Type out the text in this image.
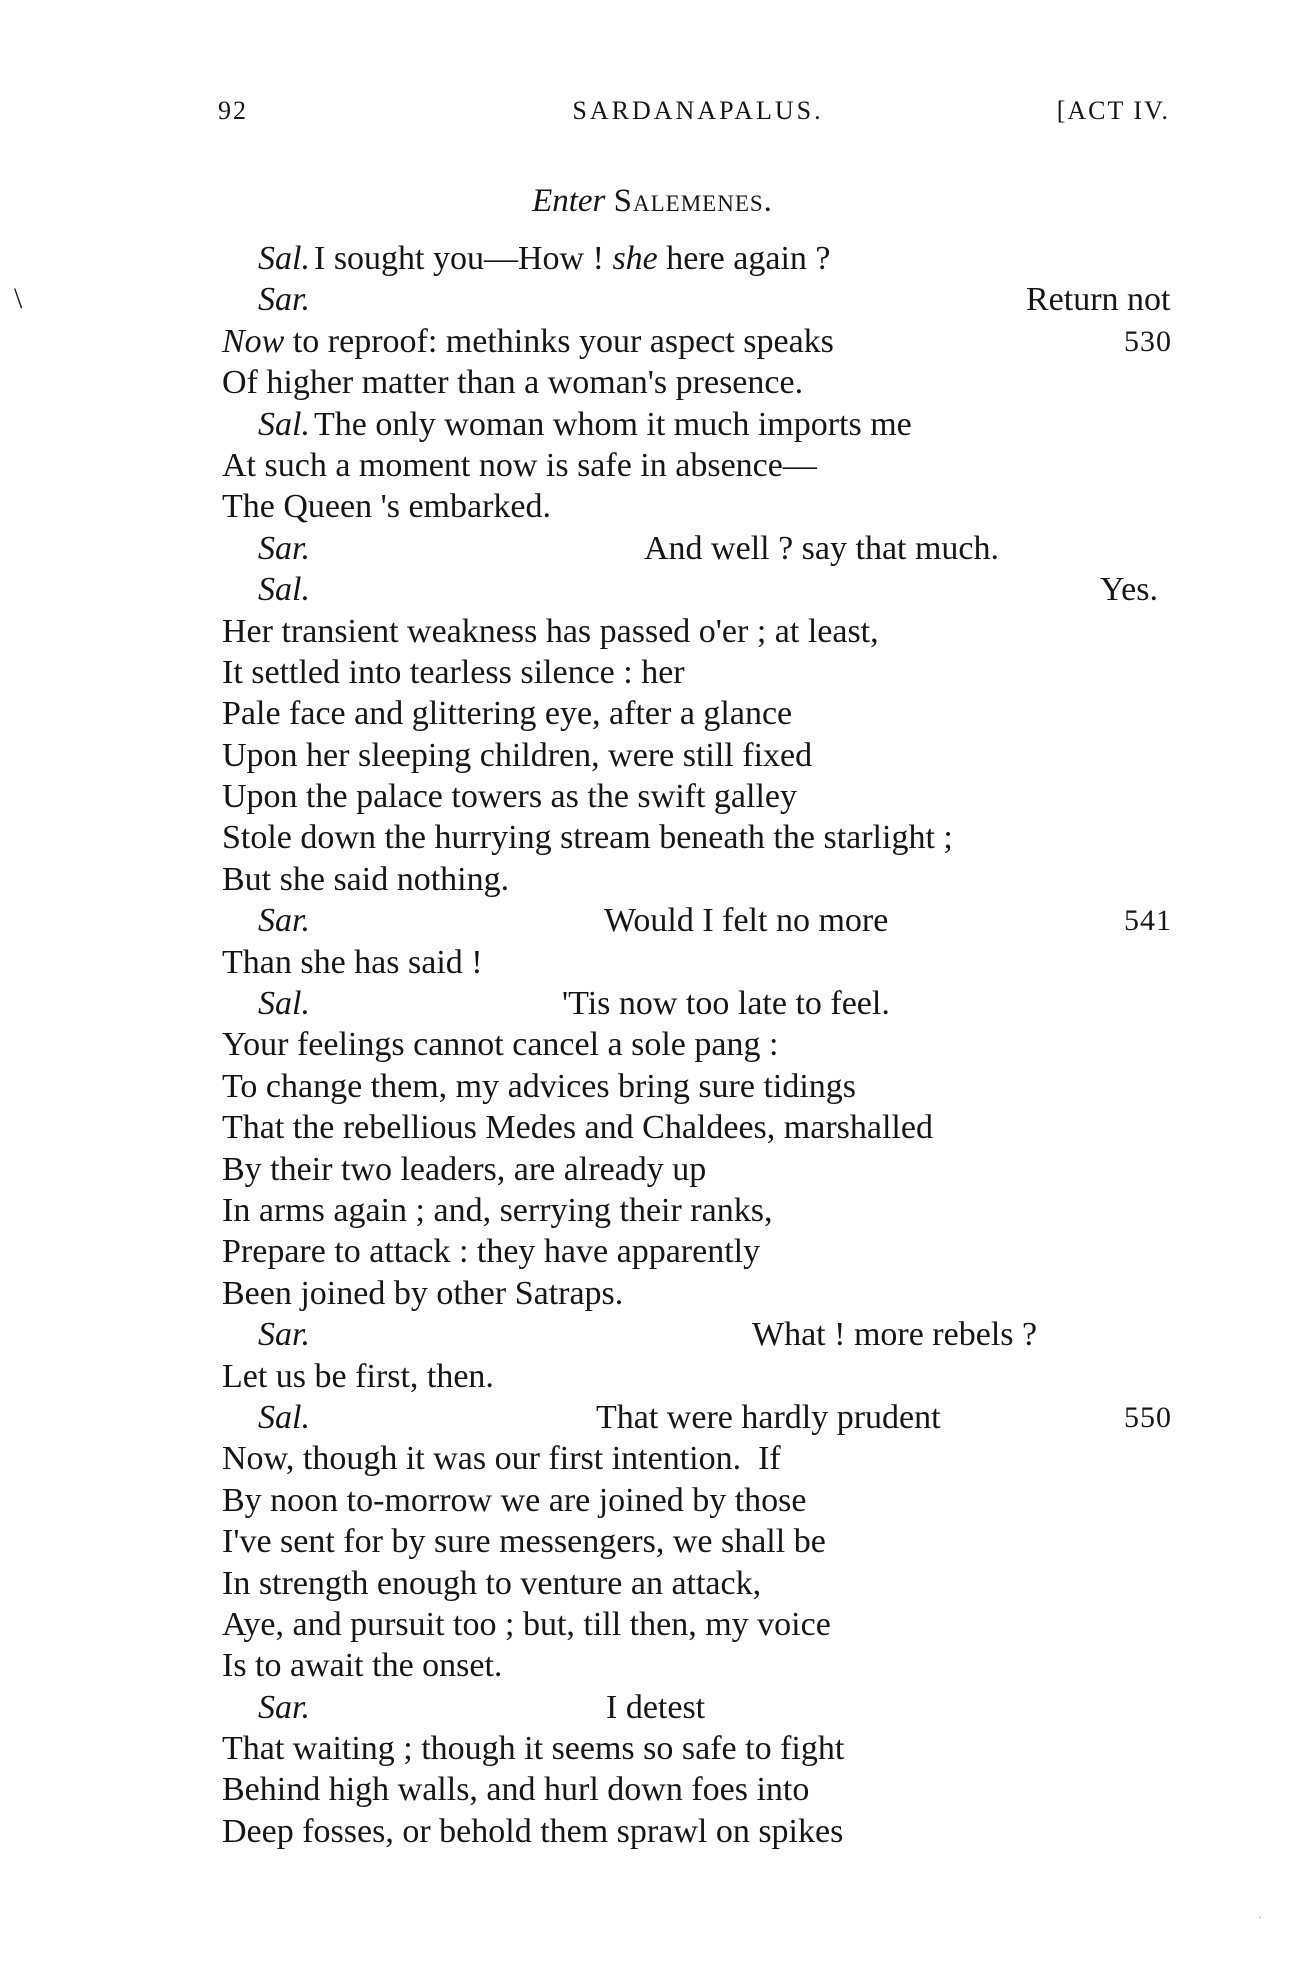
92	SARDANAPALUS.	[ACT IV.
Enter Salemenes.
\
Sal. I sought you—How ! she here again ?
Sar.	Return not
Now to reproof: methinks your aspect speaks	530
Of higher matter than a woman's presence.
Sal. The only woman whom it much imports me
At such a moment now is safe in absence—
The Queen 's embarked.
Sar.	And well ? say that much.
Sal.	Yes.
Her transient weakness has passed o'er ; at least,
It settled into tearless silence : her
Pale face and glittering eye, after a glance
Upon her sleeping children, were still fixed
Upon the palace towers as the swift galley
Stole down the hurrying stream beneath the starlight ;
But she said nothing.
Sar.	Would I felt no more	541
Than she has said !
Sal.	'Tis now too late to feel.
Your feelings cannot cancel a sole pang :
To change them, my advices bring sure tidings
That the rebellious Medes and Chaldees, marshalled
By their two leaders, are already up
In arms again ; and, serrying their ranks,
Prepare to attack : they have apparently
Been joined by other Satraps.
Sar.	What ! more rebels ?
Let us be first, then.
Sal.	That were hardly prudent	550
Now, though it was our first intention.  If
By noon to-morrow we are joined by those
I've sent for by sure messengers, we shall be
In strength enough to venture an attack,
Aye, and pursuit too ; but, till then, my voice
Is to await the onset.
Sar.	I detest
That waiting ; though it seems so safe to fight
Behind high walls, and hurl down foes into
Deep fosses, or behold them sprawl on spikes
·
